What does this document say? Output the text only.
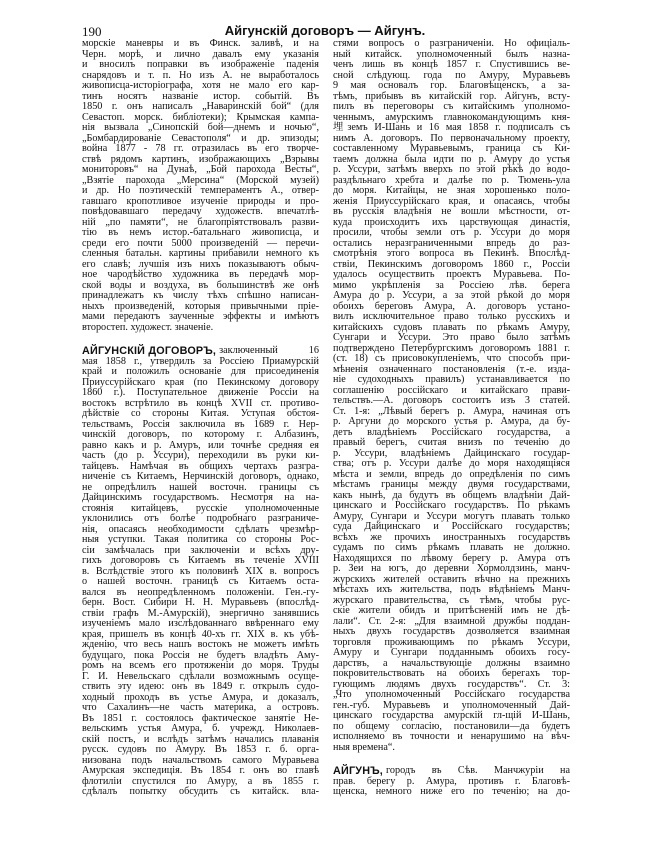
190	Айгунскій договоръ — Айгунъ.
морскіе маневры и въ Финск. заливѣ, и на
Черн. морѣ, и лично давалъ ему указанія
и вносилъ поправки въ изображеніе паденія
снарядовъ и т. п. Но изъ А. не выработалось
живописца-исторіографа, хотя не мало его кар-
тинъ носятъ названіе истор. событій. Въ
1850 г. онъ написалъ „Наваринскій бой“ (для
Севастоп. морск. библіотеки); Крымская кампа-
нія вызвала „Синопскій бой—днемъ и ночью“,
„Бомбардированіе Севастополя“ и др. эпизоды;
война 1877 - 78 гг. отразилась въ его творче-
ствѣ рядомъ картинъ, изображающихъ „Взрывы
мониторовъ“ на Дунаѣ, „Бой парохода Весты“,
„Взятіе парохода „Мерсина“ (Морской музей)
и др. Но поэтическій темпераментъ А., отвер-
гавшаго кропотливое изученіе природы и про-
повѣдовавшаго передачу художеств. впечатлѣ-
ній „по памяти“, не благопріятствовалъ разви-
тію въ немъ истор.-батальнаго живописца, и
среди его почти 5000 произведеній — перечи-
сленныя батальн. картины прибавили немного къ
его славѣ; лучшія изъ нихъ показываютъ обыч-
ное чародѣйство художника въ передачѣ мор-
ской воды и воздуха, въ большинствѣ же онѣ
принадлежатъ къ числу тѣхъ спѣшно написан-
ныхъ произведеній, которыя привычными пріе-
мами передаютъ заученные эффекты и имѣютъ
второстеп. художест. значеніе.
АЙГУНСКІЙ ДОГОВОРЪ, заключенный 16
мая 1858 г., утвердилъ за Россіею Приамурскій
край и положилъ основаніе для присоединенія
Приуссурійскаго края (по Пекинскому договору
1860 г.). Поступательное движеніе Россіи на
востокъ встрѣтило въ концѣ XVII ст. противо-
дѣйствіе со стороны Китая. Уступая обстоя-
тельствамъ, Россія заключила въ 1689 г. Нер-
чинскій договоръ, по которому г. Албазинъ,
равно какъ и р. Амуръ, или точнѣе средняя ея
часть (до р. Уссури), переходили въ руки ки-
тайцевъ. Намѣчая въ общихъ чертахъ разгра-
ниченіе съ Китаемъ, Нерчинскій договоръ, однако,
не опредѣлилъ нашей восточн. границы съ
Дайцинскимъ государствомъ. Несмотря на на-
стоянія китайцевъ, русскіе уполномоченные
уклонились отъ болѣе подробнаго разграниче-
нія, опасаясь необходимости сдѣлать чрезмѣр-
ныя уступки. Такая политика со стороны Рос-
сіи замѣчалась при заключеніи и всѣхъ дру-
гихъ договоровъ съ Китаемъ въ теченіе XVIII
в. Вслѣдствіе этого къ половинѣ XIX в. вопросъ
о нашей восточн. границѣ съ Китаемъ оста-
вался въ неопредѣленномъ положеніи. Ген.-гу-
берн. Вост. Сибири Н. Н. Муравьевъ (впослѣд-
ствіи графъ М.-Амурскій), энергично занявшись
изученіемъ мало изслѣдованнаго ввѣреннаго ему
края, пришелъ въ концѣ 40-хъ гг. XIX в. къ убѣ-
жденію, что весь нашъ востокъ не можетъ имѣть
будущаго, пока Россія не будетъ владѣть Аму-
ромъ на всемъ его протяженіи до моря. Труды
Г. И. Невельскаго сдѣлали возможнымъ осуще-
ствить эту идею: онъ въ 1849 г. открылъ судо-
ходный проходъ въ устье Амура, и доказалъ,
что Сахалинъ—не часть материка, а островъ.
Въ 1851 г. состоялось фактическое занятіе Не-
вельскимъ устья Амура, б. учрежд. Николаев-
скій постъ, и вслѣдъ затѣмъ начались плаванія
русск. судовъ по Амуру. Въ 1853 г. б. орга-
низована подъ начальствомъ самого Муравьева
Амурская экспедиція. Въ 1854 г. онъ во главѣ
флотиліи спустился по Амуру, а въ 1855 г.
сдѣлалъ попытку обсудить съ китайск. вла-
стями вопросъ о разграниченіи. Но офиціаль-
ный китайск. уполномоченный былъ назна-
ченъ лишь въ концѣ 1857 г. Спустившись ве-
сной слѣдующ. года по Амуру, Муравьевъ
9 мая основалъ гор. Благовѣщенскъ, а за-
тѣмъ, прибывъ въ китайскій гор. Айгунъ, всту-
пилъ въ переговоры съ китайскимъ уполномо-
ченнымъ, амурскимъ главнокомандующимъ кня-
埋земъ И-Шань и 16 мая 1858 г. подписалъ съ
нимъ А. договоръ. По первоначальному проекту,
составленному Муравьевымъ, граница съ Ки-
таемъ должна была идти по р. Амуру до устья
р. Уссури, затѣмъ вверхъ по этой рѣкѣ до водо-
раздѣльнаго хребта и далѣе по р. Тюмень-ула
до моря. Китайцы, не зная хорошенько поло-
женія Приуссурійскаго края, и опасаясь, чтобы
въ русскія владѣнія не вошли мѣстности, от-
куда происходитъ ихъ царствующая династія,
просили, чтобы земли отъ р. Уссури до моря
остались неразграниченными впредь до раз-
смотрѣнія этого вопроса въ Пекинѣ. Впослѣд-
ствіи, Пекинскимъ договоромъ 1860 г., Россіи
удалось осуществить проектъ Муравьева. По-
мимо укрѣпленія за Россіею лѣв. берега
Амура до р. Уссури, а за этой рѣкой до моря
обоихъ береговъ Амура, А. договоръ устано-
вилъ исключительное право только русскихъ и
китайскихъ судовъ плавать по рѣкамъ Амуру,
Сунгари и Уссури. Это право было затѣмъ
подтверждено Петербургскимъ договоромъ 1881 г.
(ст. 18) съ присовокупленіемъ, что способъ при-
мѣненія означеннаго постановленія (т.-е. изда-
ніе судоходныхъ правилъ) устанавливается по
соглашенію россійскаго и китайскаго прави-
тельствъ.—А. договоръ состоитъ изъ 3 статей.
Ст. 1-я: „Лѣвый берегъ р. Амура, начиная отъ
р. Аргуни до морского устья р. Амура, да бу-
детъ владѣніемъ Россійскаго государства, а
правый берегъ, считая внизъ по теченію до
р. Уссури, владѣніемъ Дайцинскаго государ-
ства; отъ р. Уссури далѣе до моря находящіяся
мѣста и земли, впредь до опредѣленія по симъ
мѣстамъ границы между двумя государствами,
какъ нынѣ, да будутъ въ общемъ владѣніи Дай-
цинскаго и Россійскаго государствъ. По рѣкамъ
Амуру, Сунгари и Уссури могутъ плавать только
суда Дайцинскаго и Россійскаго государствъ;
всѣхъ же прочихъ иностранныхъ государствъ
судамъ по симъ рѣкамъ плавать не должно.
Находящихся по лѣвому берегу р. Амура отъ
р. Зеи на югъ, до деревни Хормолдзинь, манч-
журскихъ жителей оставить вѣчно на прежнихъ
мѣстахъ ихъ жительства, подъ вѣдѣніемъ Манч-
журскаго правительства, съ тѣмъ, чтобы рус-
скіе жители обидъ и притѣсненій имъ не дѣ-
лали“. Ст. 2-я: „Для взаимной дружбы поддан-
ныхъ двухъ государствъ дозволяется взаимная
торговля проживающимъ по рѣкамъ Уссури,
Амуру и Сунгари подданнымъ обоихъ госу-
дарствъ, а начальствующіе должны взаимно
покровительствовать на обоихъ берегахъ тор-
гующимъ людямъ двухъ государствъ“. Ст. 3:
„Что уполномоченный Россійскаго государства
ген.-губ. Муравьевъ и уполномоченный Дай-
цинскаго государства амурскій гл-щій И-Шань,
по общему согласію, постановили—да будетъ
исполняемо въ точности и ненарушимо на вѣч-
ныя времена“.
АЙГУНЪ, городъ въ Сѣв. Манчжуріи на
прав. берегу р. Амура, противъ г. Благовѣ-
щенска, немного ниже его по теченію; на до-
